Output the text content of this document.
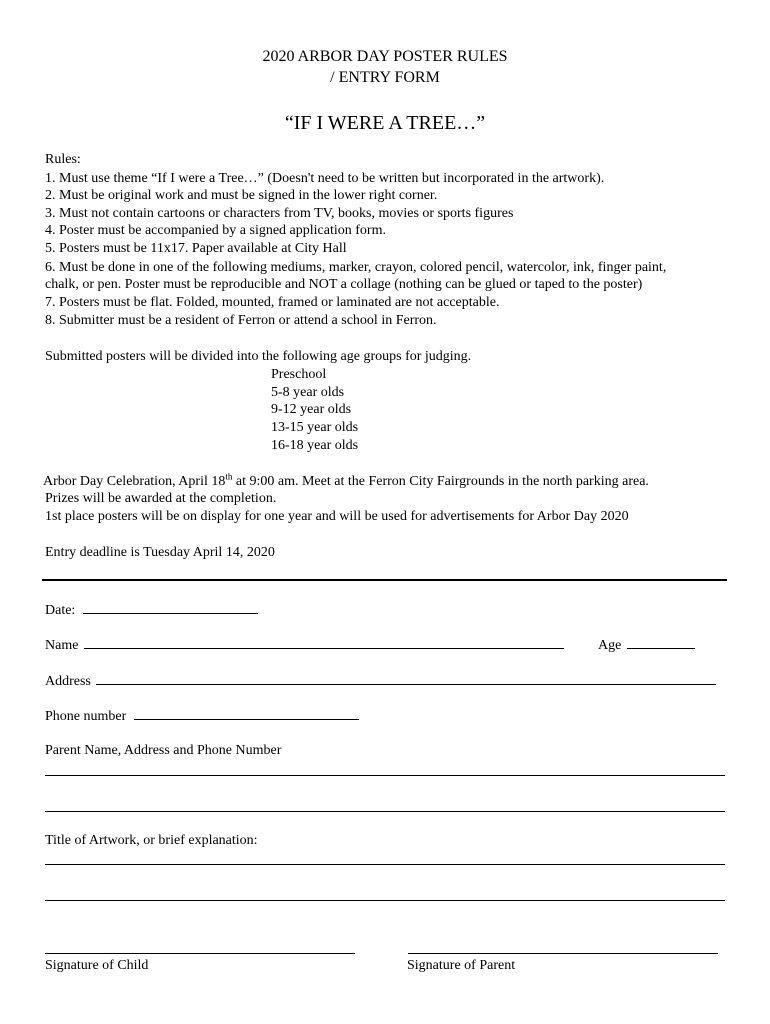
2020 ARBOR DAY POSTER RULES
/ ENTRY FORM
“IF I WERE A TREE…”
Rules:
1. Must use theme “If I were a Tree…” (Doesn't need to be written but incorporated in the artwork).
2. Must be original work and must be signed in the lower right corner.
3. Must not contain cartoons or characters from TV, books, movies or sports figures
4. Poster must be accompanied by a signed application form.
5. Posters must be 11x17. Paper available at City Hall
6. Must be done in one of the following mediums, marker, crayon, colored pencil, watercolor, ink, finger paint,
chalk, or pen. Poster must be reproducible and NOT a collage (nothing can be glued or taped to the poster)
7. Posters must be flat. Folded, mounted, framed or laminated are not acceptable.
8. Submitter must be a resident of Ferron or attend a school in Ferron.
Submitted posters will be divided into the following age groups for judging.
Preschool
5-8 year olds
9-12 year olds
13-15 year olds
16-18 year olds
Arbor Day Celebration, April 18th at 9:00 am. Meet at the Ferron City Fairgrounds in the north parking area.
Prizes will be awarded at the completion.
1st place posters will be on display for one year and will be used for advertisements for Arbor Day 2020
Entry deadline is Tuesday April 14, 2020
Date:
Name	Age
Address
Phone number
Parent Name, Address and Phone Number
Title of Artwork, or brief explanation:
Signature of Child	Signature of Parent
